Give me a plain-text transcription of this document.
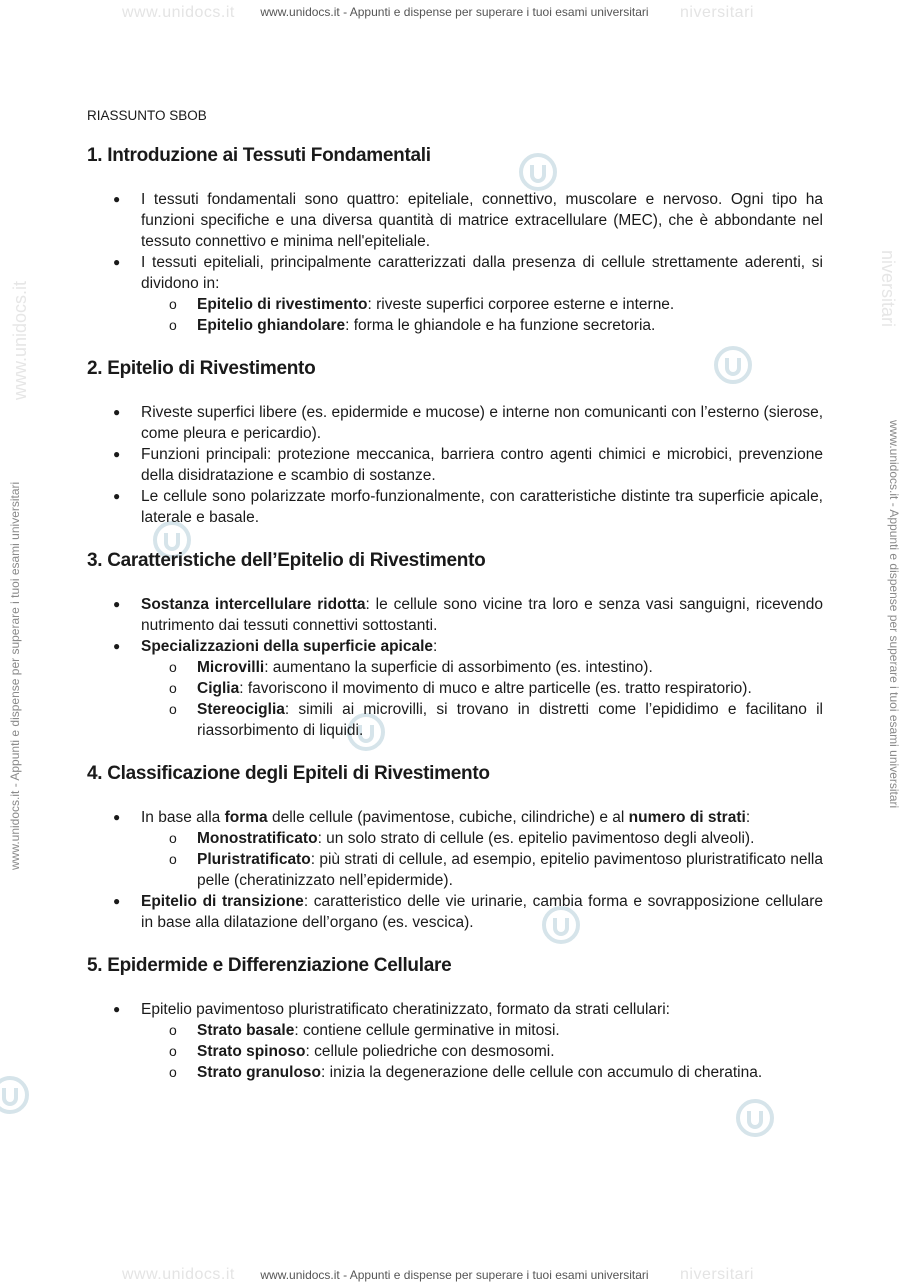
www.unidocs.it	niversitari
www.unidocs.it - Appunti e dispense per superare i tuoi esami universitari
www.unidocs.it	niversitari
www.unidocs.it - Appunti e dispense per superare i tuoi esami universitari
www.unidocs.it - Appunti e dispense per superare i tuoi esami universitari	www.unidocs.it - Appunti e dispense per superare i tuoi esami universitari
www.unidocs.it	niversitari
RIASSUNTO SBOB
1. Introduzione ai Tessuti Fondamentali
● I tessuti fondamentali sono quattro: epiteliale, connettivo, muscolare e nervoso. Ogni tipo ha funzioni specifiche e una diversa quantità di matrice extracellulare (MEC), che è abbondante nel tessuto connettivo e minima nell'epiteliale.
● I tessuti epiteliali, principalmente caratterizzati dalla presenza di cellule strettamente aderenti, si dividono in:
o Epitelio di rivestimento: riveste superfici corporee esterne e interne.
o Epitelio ghiandolare: forma le ghiandole e ha funzione secretoria.
2. Epitelio di Rivestimento
● Riveste superfici libere (es. epidermide e mucose) e interne non comunicanti con l’esterno (sierose, come pleura e pericardio).
● Funzioni principali: protezione meccanica, barriera contro agenti chimici e microbici, prevenzione della disidratazione e scambio di sostanze.
● Le cellule sono polarizzate morfo-funzionalmente, con caratteristiche distinte tra superficie apicale, laterale e basale.
3. Caratteristiche dell’Epitelio di Rivestimento
● Sostanza intercellulare ridotta: le cellule sono vicine tra loro e senza vasi sanguigni, ricevendo nutrimento dai tessuti connettivi sottostanti.
● Specializzazioni della superficie apicale:
o Microvilli: aumentano la superficie di assorbimento (es. intestino).
o Ciglia: favoriscono il movimento di muco e altre particelle (es. tratto respiratorio).
o Stereociglia: simili ai microvilli, si trovano in distretti come l’epididimo e facilitano il riassorbimento di liquidi.
4. Classificazione degli Epiteli di Rivestimento
● In base alla forma delle cellule (pavimentose, cubiche, cilindriche) e al numero di strati:
o Monostratificato: un solo strato di cellule (es. epitelio pavimentoso degli alveoli).
o Pluristratificato: più strati di cellule, ad esempio, epitelio pavimentoso pluristratificato nella pelle (cheratinizzato nell’epidermide).
● Epitelio di transizione: caratteristico delle vie urinarie, cambia forma e sovrapposizione cellulare in base alla dilatazione dell’organo (es. vescica).
5. Epidermide e Differenziazione Cellulare
● Epitelio pavimentoso pluristratificato cheratinizzato, formato da strati cellulari:
o Strato basale: contiene cellule germinative in mitosi.
o Strato spinoso: cellule poliedriche con desmosomi.
o Strato granuloso: inizia la degenerazione delle cellule con accumulo di cheratina.
